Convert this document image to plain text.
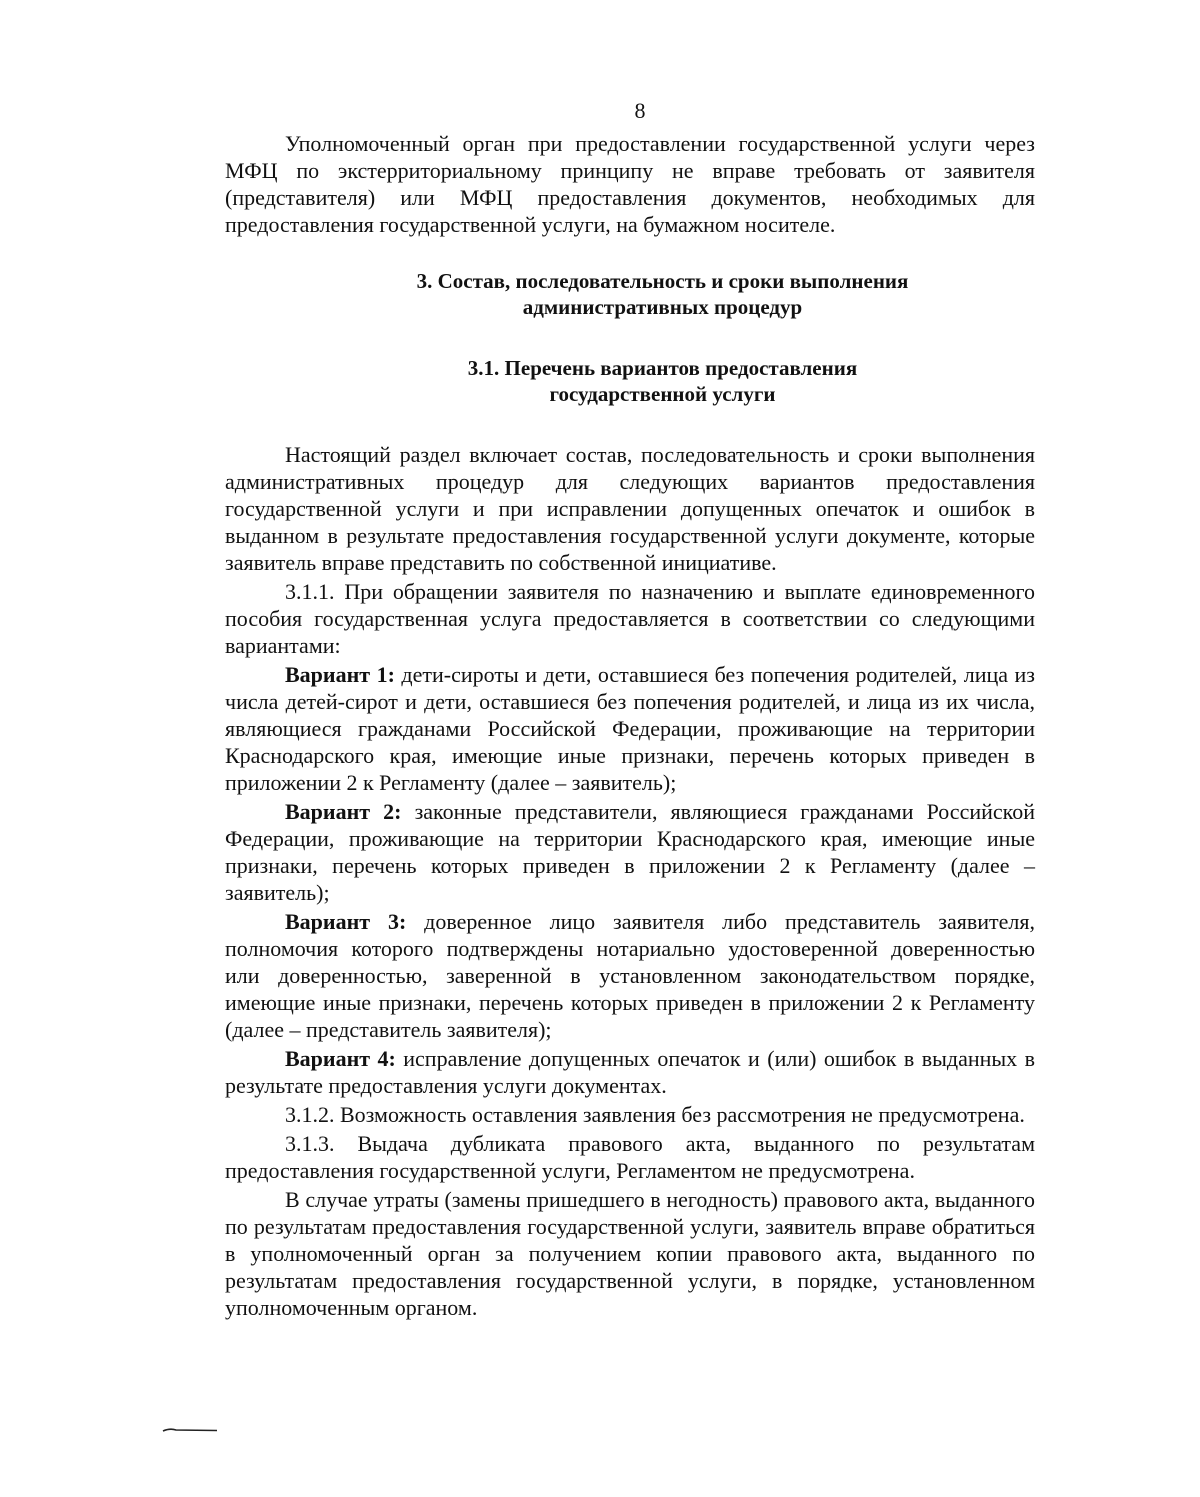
8

Уполномоченный орган при предоставлении государственной услуги через МФЦ по экстерриториальному принципу не вправе требовать от заявителя (представителя) или МФЦ предоставления документов, необходимых для предоставления государственной услуги, на бумажном носителе.

3. Состав, последовательность и сроки выполнения
административных процедур
3.1. Перечень вариантов предоставления
государственной услуги

Настоящий раздел включает состав, последовательность и сроки выполнения административных процедур для следующих вариантов предоставления государственной услуги и при исправлении допущенных опечаток и ошибок в выданном в результате предоставления государственной услуги документе, которые заявитель вправе представить по собственной инициативе.

3.1.1. При обращении заявителя по назначению и выплате единовременного пособия государственная услуга предоставляется в соответствии со следующими вариантами:

Вариант 1: дети-сироты и дети, оставшиеся без попечения родителей, лица из числа детей-сирот и дети, оставшиеся без попечения родителей, и лица из их числа, являющиеся гражданами Российской Федерации, проживающие на территории Краснодарского края, имеющие иные признаки, перечень которых приведен в приложении 2 к Регламенту (далее – заявитель);

Вариант 2: законные представители, являющиеся гражданами Российской Федерации, проживающие на территории Краснодарского края, имеющие иные признаки, перечень которых приведен в приложении 2 к Регламенту (далее – заявитель);

Вариант 3: доверенное лицо заявителя либо представитель заявителя, полномочия которого подтверждены нотариально удостоверенной доверенностью или доверенностью, заверенной в установленном законодательством порядке, имеющие иные признаки, перечень которых приведен в приложении 2 к Регламенту (далее – представитель заявителя);

Вариант 4: исправление допущенных опечаток и (или) ошибок в выданных в результате предоставления услуги документах.

3.1.2. Возможность оставления заявления без рассмотрения не предусмотрена.

3.1.3. Выдача дубликата правового акта, выданного по результатам предоставления государственной услуги, Регламентом не предусмотрена.

В случае утраты (замены пришедшего в негодность) правового акта, выданного по результатам предоставления государственной услуги, заявитель вправе обратиться в уполномоченный орган за получением копии правового акта, выданного по результатам предоставления государственной услуги, в порядке, установленном уполномоченным органом.
